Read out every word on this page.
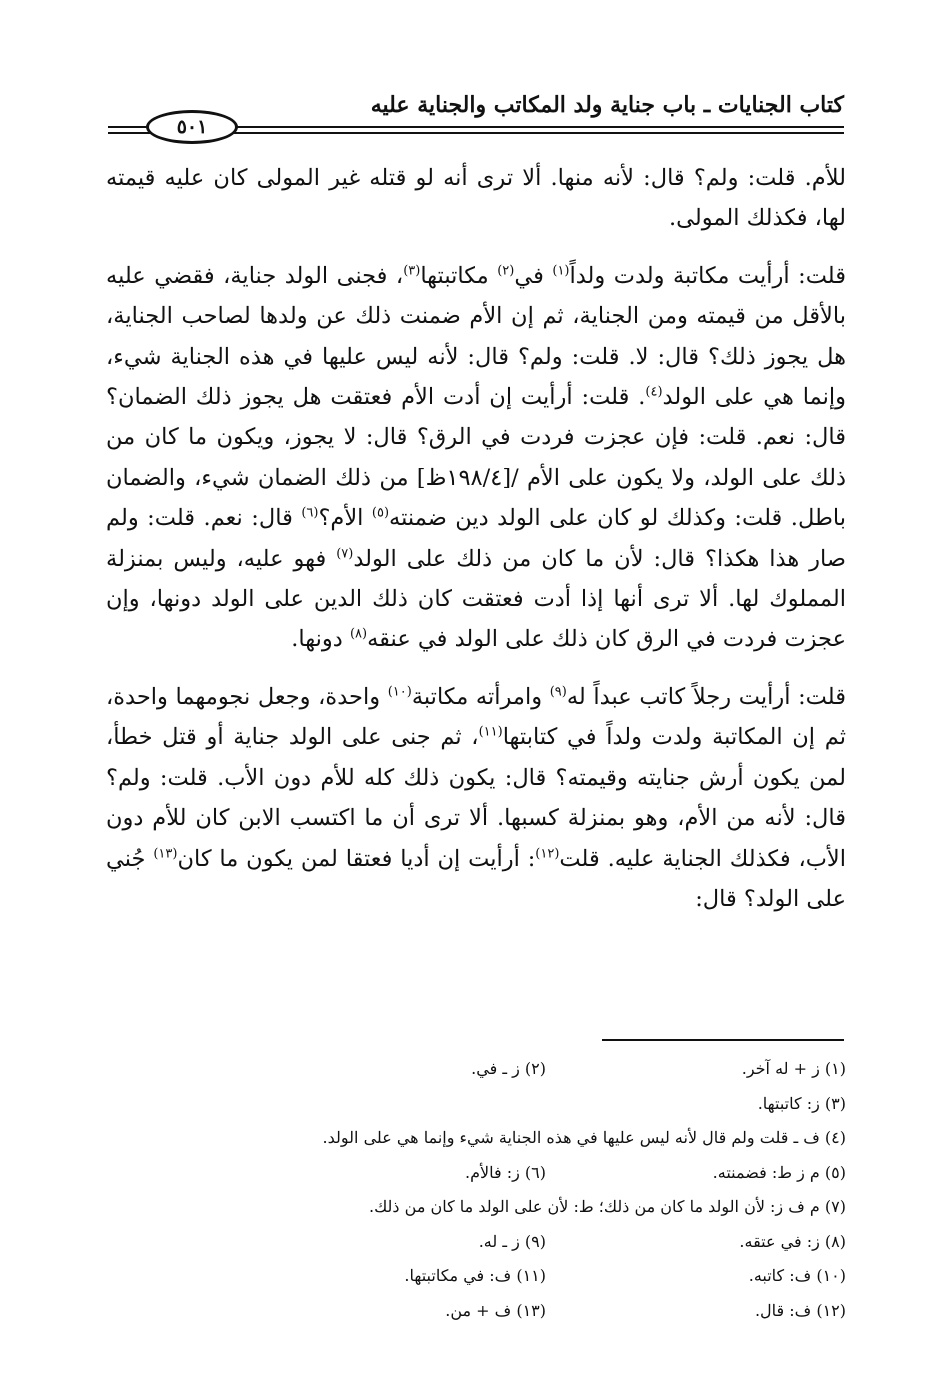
كتاب الجنايات ـ باب جناية ولد المكاتب والجناية عليه
٥٠١

للأم. قلت: ولم؟ قال: لأنه منها. ألا ترى أنه لو قتله غير المولى كان عليه قيمته لها، فكذلك المولى.

قلت: أرأيت مكاتبة ولدت ولداً$^{(١)}$ في$^{(٢)}$ مكاتبتها$^{(٣)}$، فجنى الولد جناية، فقضي عليه بالأقل من قيمته ومن الجناية، ثم إن الأم ضمنت ذلك عن ولدها لصاحب الجناية، هل يجوز ذلك؟ قال: لا. قلت: ولم؟ قال: لأنه ليس عليها في هذه الجناية شيء، وإنما هي على الولد$^{(٤)}$. قلت: أرأيت إن أدت الأم فعتقت هل يجوز ذلك الضمان؟ قال: نعم. قلت: فإن عجزت فردت في الرق؟ قال: لا يجوز، ويكون ما كان من ذلك على الولد، ولا يكون على الأم /[١٩٨/٤ظ] من ذلك الضمان شيء، والضمان باطل. قلت: وكذلك لو كان على الولد دين ضمنته$^{(٥)}$ الأم؟$^{(٦)}$ قال: نعم. قلت: ولم صار هذا هكذا؟ قال: لأن ما كان من ذلك على الولد$^{(٧)}$ فهو عليه، وليس بمنزلة المملوك لها. ألا ترى أنها إذا أدت فعتقت كان ذلك الدين على الولد دونها، وإن عجزت فردت في الرق كان ذلك على الولد في عنقه$^{(٨)}$ دونها.

قلت: أرأيت رجلاً كاتب عبداً له$^{(٩)}$ وامرأته مكاتبة$^{(١٠)}$ واحدة، وجعل نجومهما واحدة، ثم إن المكاتبة ولدت ولداً في كتابتها$^{(١١)}$، ثم جنى على الولد جناية أو قتل خطأ، لمن يكون أرش جنايته وقيمته؟ قال: يكون ذلك كله للأم دون الأب. قلت: ولم؟ قال: لأنه من الأم، وهو بمنزلة كسبها. ألا ترى أن ما اكتسب الابن كان للأم دون الأب، فكذلك الجناية عليه. قلت$^{(١٢)}$: أرأيت إن أديا فعتقا لمن يكون ما كان$^{(١٣)}$ جُني على الولد؟ قال:

(١) ز + له آخر.
(٢) ز ـ في.
(٣) ز: كاتبتها.
(٤) ف ـ قلت ولم قال لأنه ليس عليها في هذه الجناية شيء وإنما هي على الولد.
(٥) م ز ط: فضمنته.
(٦) ز: فالأم.
(٧) م ف ز: لأن الولد ما كان من ذلك؛ ط: لأن على الولد ما كان من ذلك.
(٨) ز: في عتقه.
(٩) ز ـ له.
(١٠) ف: كاتبه.
(١١) ف: في مكاتبتها.
(١٢) ف: قال.
(١٣) ف + من.
